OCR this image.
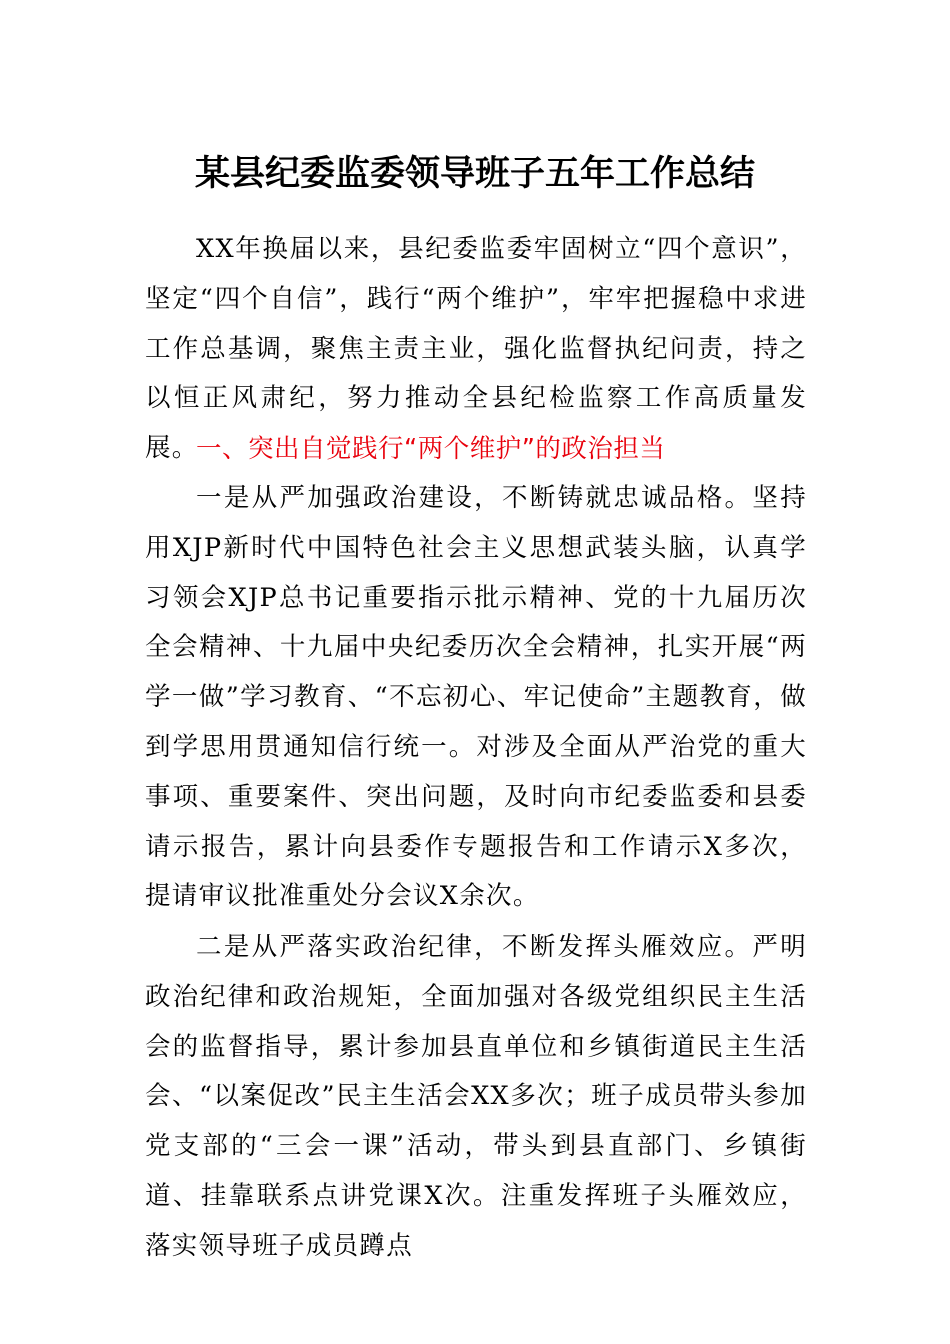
某县纪委监委领导班子五年工作总结

XX年换届以来，县纪委监委牢固树立“四个意识”，坚定“四个自信”，践行“两个维护”，牢牢把握稳中求进工作总基调，聚焦主责主业，强化监督执纪问责，持之以恒正风肃纪，努力推动全县纪检监察工作高质量发展。

一、突出自觉践行“两个维护”的政治担当

一是从严加强政治建设，不断铸就忠诚品格。坚持用XJP新时代中国特色社会主义思想武装头脑，认真学习领会XJP总书记重要指示批示精神、党的十九届历次全会精神、十九届中央纪委历次全会精神，扎实开展“两学一做”学习教育、“不忘初心、牢记使命”主题教育，做到学思用贯通知信行统一。对涉及全面从严治党的重大事项、重要案件、突出问题，及时向市纪委监委和县委请示报告，累计向县委作专题报告和工作请示X多次，提请审议批准重处分会议X余次。

二是从严落实政治纪律，不断发挥头雁效应。严明政治纪律和政治规矩，全面加强对各级党组织民主生活会的监督指导，累计参加县直单位和乡镇街道民主生活会、“以案促改”民主生活会XX多次；班子成员带头参加党支部的“三会一课”活动，带头到县直部门、乡镇街道、挂靠联系点讲党课X次。注重发挥班子头雁效应，落实领导班子成员蹲点
